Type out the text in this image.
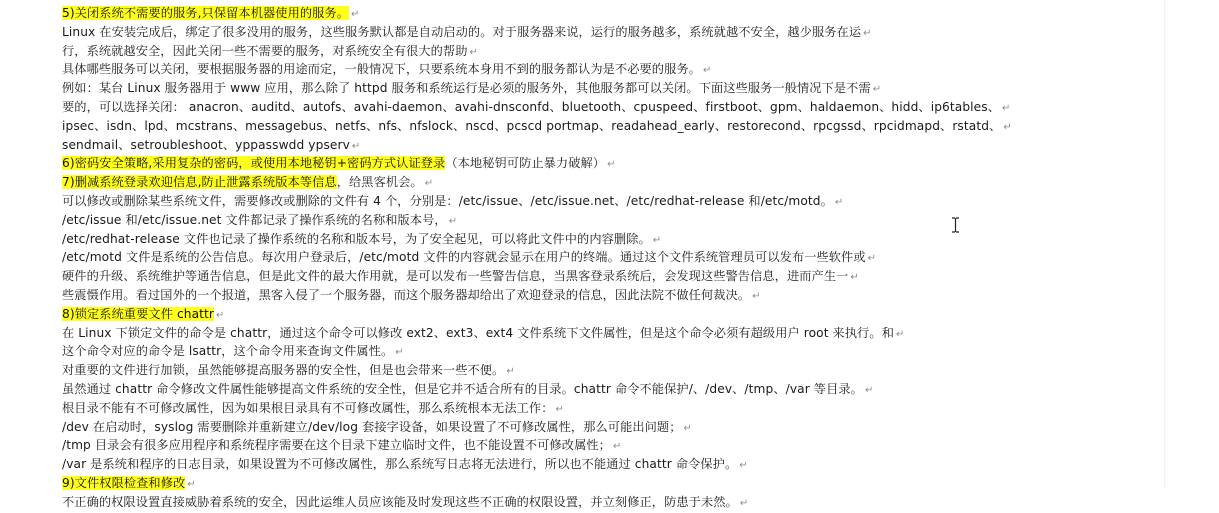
5)关闭系统不需要的服务,只保留本机器使用的服务。 ↵
Linux 在安装完成后，绑定了很多没用的服务，这些服务默认都是自动启动的。对于服务器来说，运行的服务越多，系统就越不安全，越少服务在运 ↵
行，系统就越安全，因此关闭一些不需要的服务，对系统安全有很大的帮助 ↵
具体哪些服务可以关闭，要根据服务器的用途而定，一般情况下，只要系统本身用不到的服务都认为是不必要的服务。 ↵
例如：某台 Linux 服务器用于 www 应用，那么除了 httpd 服务和系统运行是必须的服务外，其他服务都可以关闭。下面这些服务一般情况下是不需 ↵
要的，可以选择关闭： anacron、auditd、autofs、avahi-daemon、avahi-dnsconfd、bluetooth、cpuspeed、firstboot、gpm、haldaemon、hidd、ip6tables、 ↵
ipsec、isdn、lpd、mcstrans、messagebus、netfs、nfs、nfslock、nscd、pcscd portmap、readahead_early、restorecond、rpcgssd、rpcidmapd、rstatd、 ↵
sendmail、setroubleshoot、yppasswdd ypserv ↵
6)密码安全策略,采用复杂的密码，或使用本地秘钥+密码方式认证登录（本地秘钥可防止暴力破解） ↵
7)删减系统登录欢迎信息,防止泄露系统版本等信息，给黑客机会。 ↵
可以修改或删除某些系统文件，需要修改或删除的文件有 4 个，分别是：/etc/issue、/etc/issue.net、/etc/redhat-release 和/etc/motd。 ↵
/etc/issue 和/etc/issue.net 文件都记录了操作系统的名称和版本号， ↵
/etc/redhat-release 文件也记录了操作系统的名称和版本号，为了安全起见，可以将此文件中的内容删除。 ↵
/etc/motd 文件是系统的公告信息。每次用户登录后，/etc/motd 文件的内容就会显示在用户的终端。通过这个文件系统管理员可以发布一些软件或 ↵
硬件的升级、系统维护等通告信息，但是此文件的最大作用就，是可以发布一些警告信息，当黑客登录系统后，会发现这些警告信息，进而产生一 ↵
些震慑作用。看过国外的一个报道，黑客入侵了一个服务器，而这个服务器却给出了欢迎登录的信息，因此法院不做任何裁决。 ↵
8)锁定系统重要文件 chattr ↵
在 Linux 下锁定文件的命令是 chattr，通过这个命令可以修改 ext2、ext3、ext4 文件系统下文件属性，但是这个命令必须有超级用户 root 来执行。和 ↵
这个命令对应的命令是 lsattr，这个命令用来查询文件属性。 ↵
对重要的文件进行加锁，虽然能够提高服务器的安全性，但是也会带来一些不便。 ↵
虽然通过 chattr 命令修改文件属性能够提高文件系统的安全性，但是它并不适合所有的目录。chattr 命令不能保护/、/dev、/tmp、/var 等目录。 ↵
根目录不能有不可修改属性，因为如果根目录具有不可修改属性，那么系统根本无法工作： ↵
/dev 在启动时，syslog 需要删除并重新建立/dev/log 套接字设备，如果设置了不可修改属性，那么可能出问题； ↵
/tmp 目录会有很多应用程序和系统程序需要在这个目录下建立临时文件，也不能设置不可修改属性； ↵
/var 是系统和程序的日志目录，如果设置为不可修改属性，那么系统写日志将无法进行，所以也不能通过 chattr 命令保护。 ↵
9)文件权限检查和修改 ↵
不正确的权限设置直接威胁着系统的安全，因此运维人员应该能及时发现这些不正确的权限设置，并立刻修正，防患于未然。 ↵
